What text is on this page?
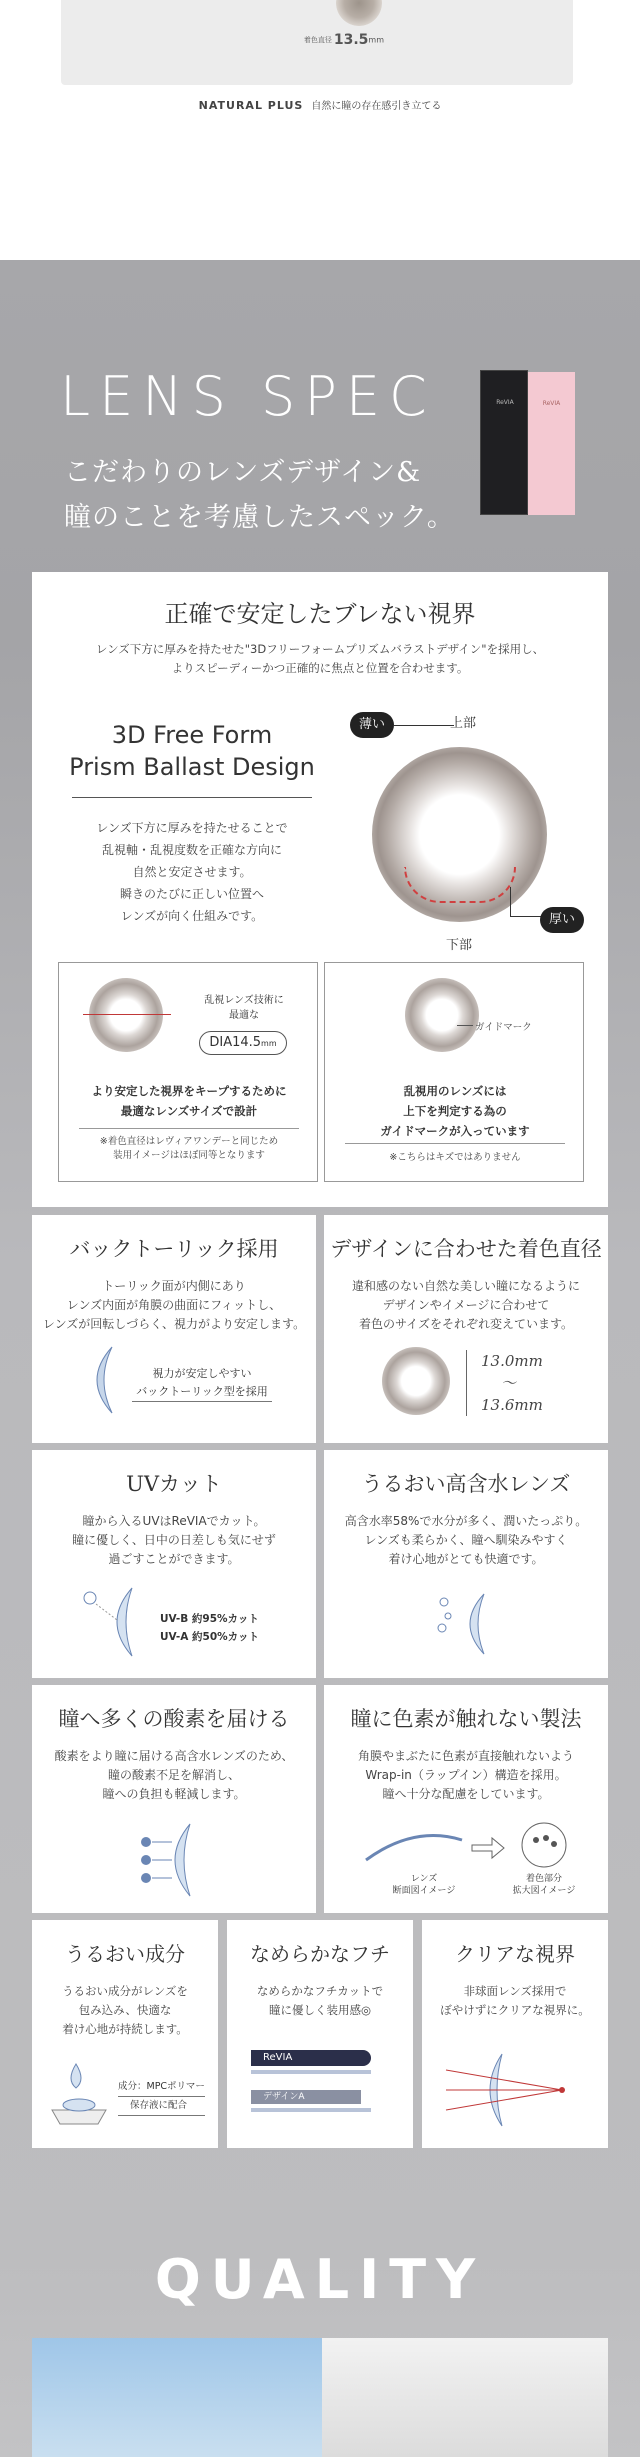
着色直径 13.5mm
NATURAL PLUS 自然に瞳の存在感引き立てる
LENS SPEC
こだわりのレンズデザイン&
瞳のことを考慮したスペック。
ReVIA	ReVIA
正確で安定したブレない視界
レンズ下方に厚みを持たせた"3Dフリーフォームプリズムバラストデザイン"を採用し、
よりスピーディーかつ正確的に焦点と位置を合わせます。
3D Free Form
Prism Ballast Design
レンズ下方に厚みを持たせることで
乱視軸・乱視度数を正確な方向に
自然と安定させます。
瞬きのたびに正しい位置へ
レンズが向く仕組みです。
薄い
厚い
上部
下部
乱視レンズ技術に
最適な
DIA14.5mm
より安定した視界をキープするために
最適なレンズサイズで設計
※着色直径はレヴィアワンデーと同じため
装用イメージはほぼ同等となります
ガイドマーク
乱視用のレンズには
上下を判定する為の
ガイドマークが入っています
※こちらはキズではありません
バックトーリック採用
トーリック面が内側にあり
レンズ内面が角膜の曲面にフィットし、
レンズが回転しづらく、視力がより安定します。
視力が安定しやすい
バックトーリック型を採用
デザインに合わせた着色直径
違和感のない自然な美しい瞳になるように
デザインやイメージに合わせて
着色のサイズをそれぞれ変えています。
13.0mm
〜
13.6mm
UVカット
瞳から入るUVはReVIAでカット。
瞳に優しく、日中の日差しも気にせず
過ごすことができます。
UV-B 約95%カット
UV-A 約50%カット
うるおい高含水レンズ
高含水率58%で水分が多く、潤いたっぷり。
レンズも柔らかく、瞳へ馴染みやすく
着け心地がとても快適です。
瞳へ多くの酸素を届ける
酸素をより瞳に届ける高含水レンズのため、
瞳の酸素不足を解消し、
瞳への負担も軽減します。
瞳に色素が触れない製法
角膜やまぶたに色素が直接触れないよう
Wrap-in（ラップイン）構造を採用。
瞳へ十分な配慮をしています。
レンズ
断面図イメージ
着色部分
拡大図イメージ
うるおい成分
うるおい成分がレンズを
包み込み、快適な
着け心地が持続します。
成分：MPCポリマー
保存液に配合
なめらかなフチ
なめらかなフチカットで
瞳に優しく装用感◎
ReVIA
デザインA
クリアな視界
非球面レンズ採用で
ぼやけずにクリアな視界に。
QUALITY
